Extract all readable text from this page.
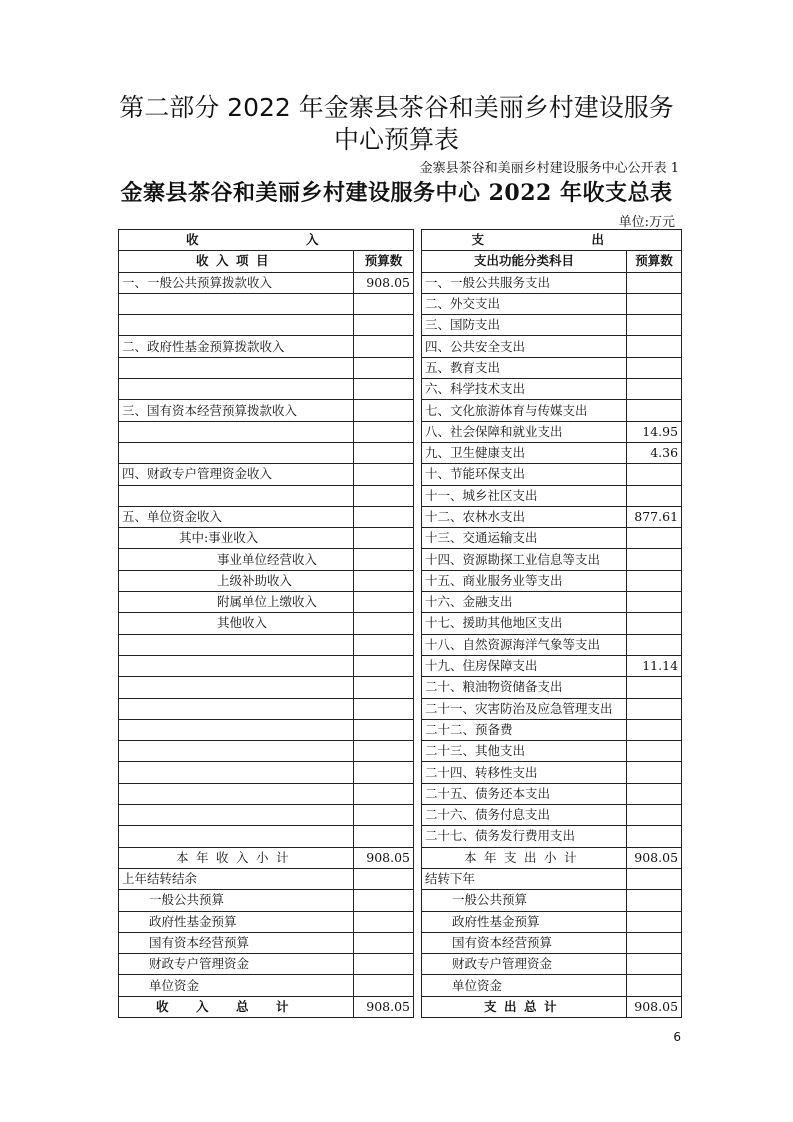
第二部分 2022 年金寨县茶谷和美丽乡村建设服务
中心预算表
金寨县茶谷和美丽乡村建设服务中心公开表 1
金寨县茶谷和美丽乡村建设服务中心 2022 年收支总表
单位:万元
收　　入			支　　出	
收入项目	预算数		支出功能分类科目	预算数
一、一般公共预算拨款收入	908.05		一、一般公共服务支出	
			二、外交支出	
			三、国防支出	
二、政府性基金预算拨款收入			四、公共安全支出	
			五、教育支出	
			六、科学技术支出	
三、国有资本经营预算拨款收入			七、文化旅游体育与传媒支出	
			八、社会保障和就业支出	14.95
			九、卫生健康支出	4.36
四、财政专户管理资金收入			十、节能环保支出	
			十一、城乡社区支出	
五、单位资金收入			十二、农林水支出	877.61
其中:事业收入			十三、交通运输支出	
事业单位经营收入			十四、资源勘探工业信息等支出	
上级补助收入			十五、商业服务业等支出	
附属单位上缴收入			十六、金融支出	
其他收入			十七、援助其他地区支出	
			十八、自然资源海洋气象等支出	
			十九、住房保障支出	11.14
			二十、粮油物资储备支出	
			二十一、灾害防治及应急管理支出	
			二十二、预备费	
			二十三、其他支出	
			二十四、转移性支出	
			二十五、债务还本支出	
			二十六、债务付息支出	
			二十七、债务发行费用支出	
本年收入小计	908.05		本年支出小计	908.05
上年结转结余			结转下年	
一般公共预算			一般公共预算	
政府性基金预算			政府性基金预算	
国有资本经营预算			国有资本经营预算	
财政专户管理资金			财政专户管理资金	
单位资金			单位资金	
收入总计	908.05		支出总计	908.05
6
